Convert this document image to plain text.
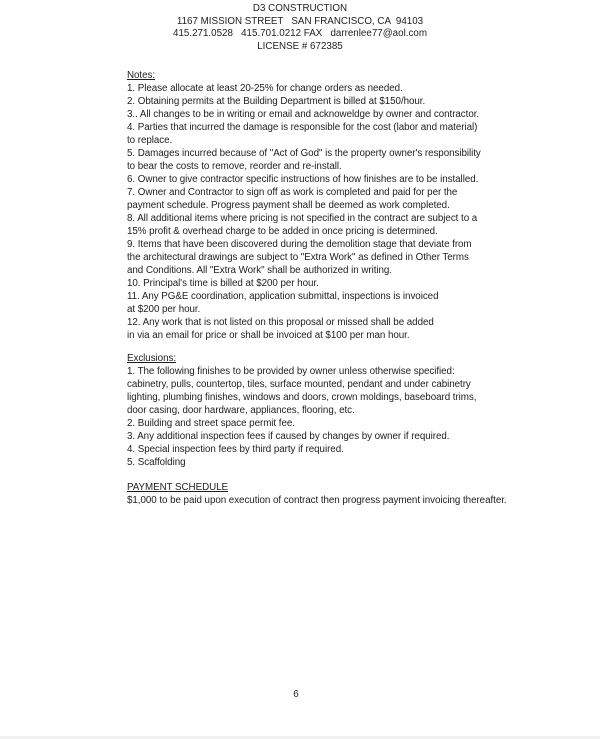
D3 CONSTRUCTION
1167 MISSION STREET   SAN FRANCISCO, CA  94103
415.271.0528   415.701.0212 FAX   darrenlee77@aol.com
LICENSE # 672385
Notes:
1. Please allocate at least 20-25% for change orders as needed.
2. Obtaining permits at the Building Department is billed at $150/hour.
3.. All changes to be in writing or email and acknoweldge by owner and contractor.
4. Parties that incurred the damage is responsible for the cost (labor and material)
to replace.
5. Damages incurred because of "Act of God" is the property owner's responsibility
to bear the costs to remove, reorder and re-install.
6. Owner to give contractor specific instructions of how finishes are to be installed.
7. Owner and Contractor to sign off as work is completed and paid for per the
payment schedule. Progress payment shall be deemed as work completed.
8. All additional items where pricing is not specified in the contract are subject to a
15% profit & overhead charge to be added in once pricing is determined.
9. Items that have been discovered during the demolition stage that deviate from
the architectural drawings are subject to "Extra Work" as defined in Other Terms
and Conditions. All "Extra Work" shall be authorized in writing.
10. Principal's time is billed at $200 per hour.
11. Any PG&E coordination, application submittal, inspections is invoiced
at $200 per hour.
12. Any work that is not listed on this proposal or missed shall be added
in via an email for price or shall be invoiced at $100 per man hour.
Exclusions:
1. The following finishes to be provided by owner unless otherwise specified:
cabinetry, pulls, countertop, tiles, surface mounted, pendant and under cabinetry
lighting, plumbing finishes, windows and doors, crown moldings, baseboard trims,
door casing, door hardware, appliances, flooring, etc.
2. Building and street space permit fee.
3. Any additional inspection fees if caused by changes by owner if required.
4. Special inspection fees by third party if required.
5. Scaffolding
PAYMENT SCHEDULE
$1,000 to be paid upon execution of contract then progress payment invoicing thereafter.
6
